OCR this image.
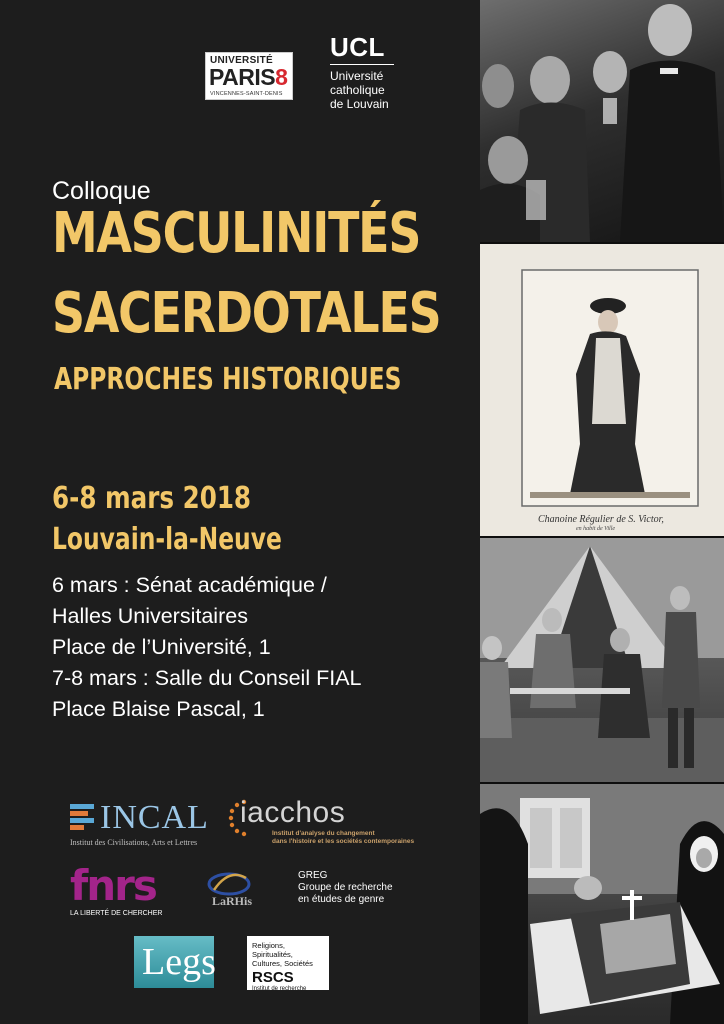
UNIVERSITÉ
PARIS8
VINCENNES-SAINT-DENIS
UCL
Université
catholique
de Louvain
Colloque
MASCULINITÉS
SACERDOTALES
APPROCHES HISTORIQUES
6-8 mars 2018
Louvain-la-Neuve
6 mars : Sénat académique /
Halles Universitaires
Place de l’Université, 1
7-8 mars : Salle du Conseil FIAL
Place Blaise Pascal, 1
INCAL
Institut des Civilisations, Arts et Lettres
iacchos
Institut d'analyse du changement
dans l'histoire et les sociétés contemporaines
fnrs
LA LIBERTÉ DE CHERCHER
LaRHis
GREG
Groupe de recherche
en études de genre
Legs	Religions, Spiritualités,
Cultures, Sociétés
RSCS
Institut de recherche
Chanoine Régulier de S. Victor,
en habit de Ville
